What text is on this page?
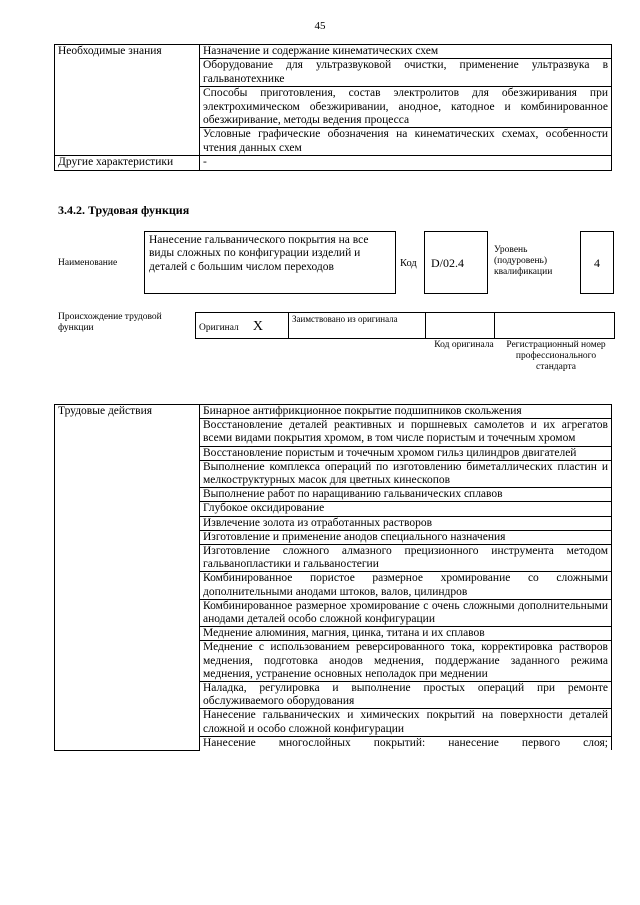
45
Необходимые знания	Назначение и содержание кинематических схем
	Оборудование для ультразвуковой очистки, применение ультразвука в гальванотехнике
	Способы приготовления, состав электролитов для обезжиривания при электрохимическом обезжиривании, анодное, катодное и комбинированное обезжиривание, методы ведения процесса
	Условные графические обозначения на кинематических схемах, особенности чтения данных схем
Другие характеристики	-
3.4.2. Трудовая функция
Наименование
Нанесение гальванического покрытия на все виды сложных по конфигурации изделий и деталей с большим числом переходов	Код	D/02.4
Уровень (подуровень) квалификации
4
Происхождение трудовой функции	Оригинал X	Заимствовано из оригинала		
Код оригинала	Регистрационный номер профессионального стандарта
Трудовые действия	Бинарное антифрикционное покрытие подшипников скольжения
Восстановление деталей реактивных и поршневых самолетов и их агрегатов всеми видами покрытия хромом, в том числе пористым и точечным хромом
Восстановление пористым и точечным хромом гильз цилиндров двигателей
Выполнение комплекса операций по изготовлению биметаллических пластин и мелкоструктурных масок для цветных кинескопов
Выполнение работ по наращиванию гальванических сплавов
Глубокое оксидирование
Извлечение золота из отработанных растворов
Изготовление и применение анодов специального назначения
Изготовление сложного алмазного прецизионного инструмента методом гальванопластики и гальваностегии
Комбинированное пористое размерное хромирование со сложными дополнительными анодами штоков, валов, цилиндров
Комбинированное размерное хромирование с очень сложными дополнительными анодами деталей особо сложной конфигурации
Меднение алюминия, магния, цинка, титана и их сплавов
Меднение с использованием реверсированного тока, корректировка растворов меднения, подготовка анодов меднения, поддержание заданного режима меднения, устранение основных неполадок при меднении
Наладка, регулировка и выполнение простых операций при ремонте обслуживаемого оборудования
Нанесение гальванических и химических покрытий на поверхности деталей сложной и особо сложной конфигурации
Нанесение многослойных покрытий: нанесение первого слоя;
